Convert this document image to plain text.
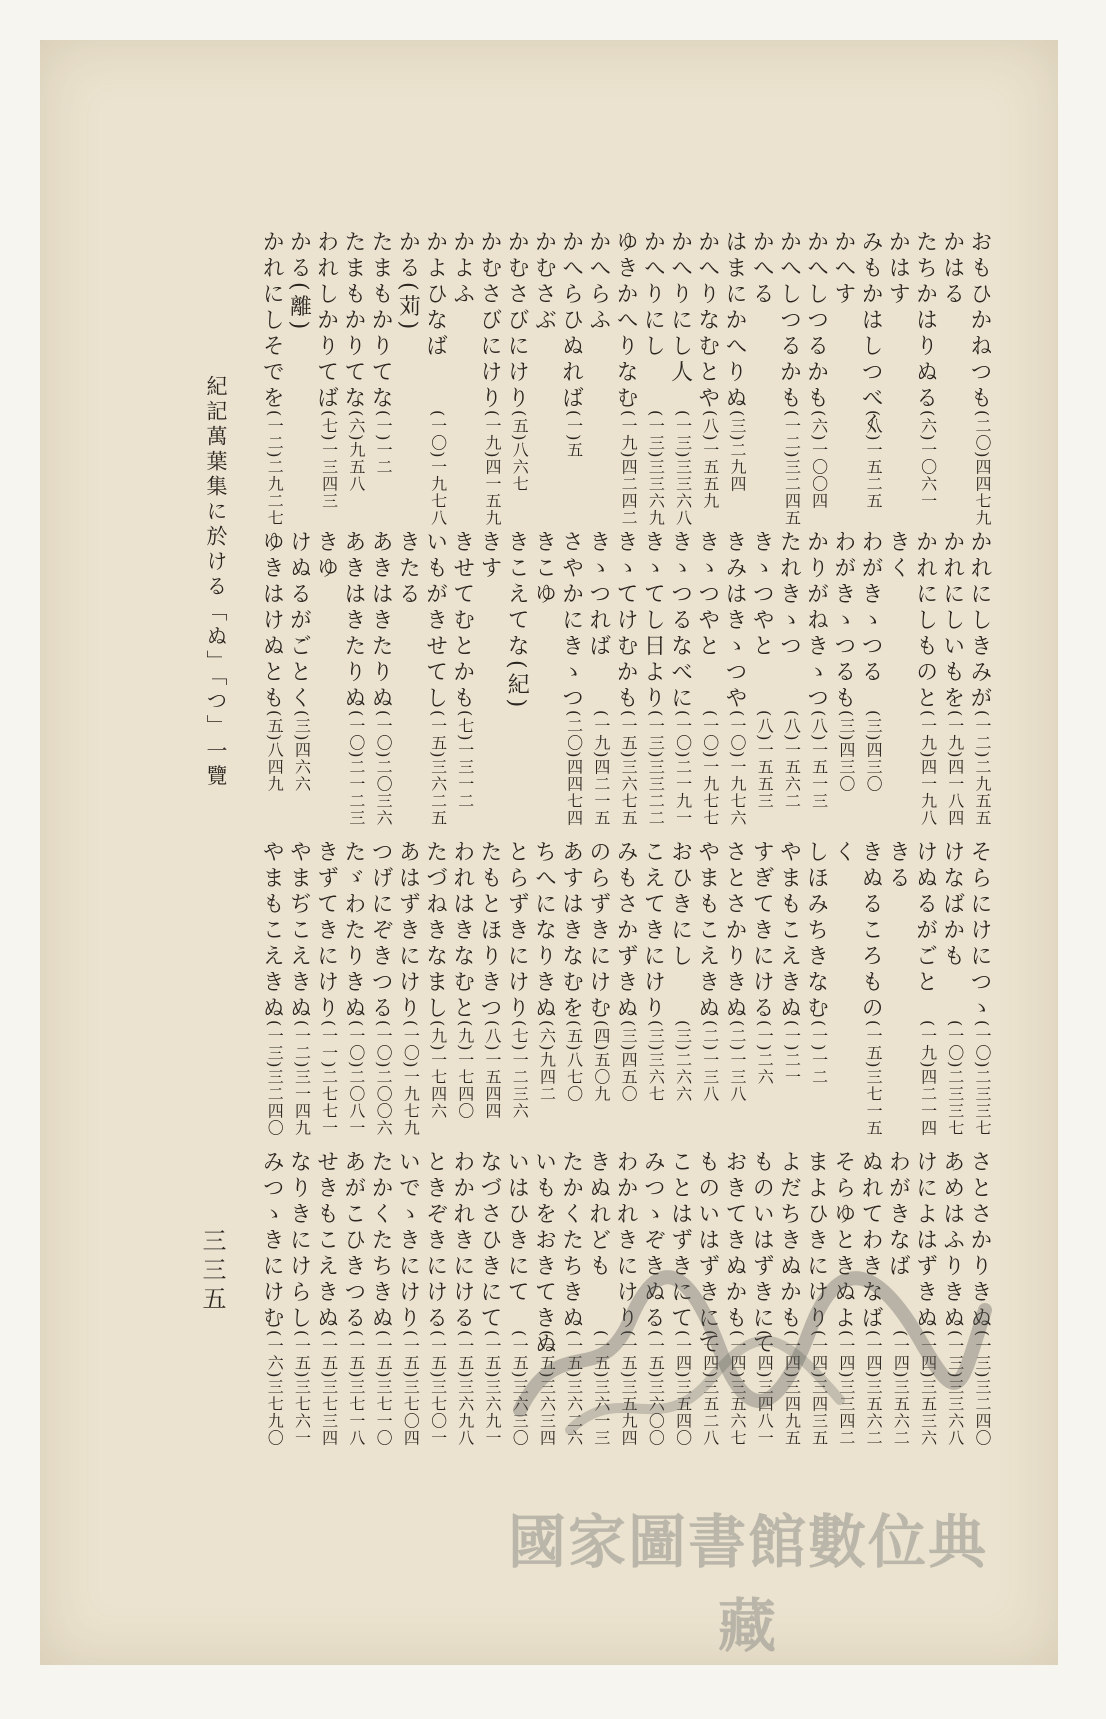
紀記萬葉集に於ける「ぬ」「つ」一覽
三三五
おもひかねつも
(二〇)四四七九
かはる
たちかはりぬる
(六)一〇六一
かはす
みもかはしつべく
(八)一五二五
かへす
かへしつるかも
(六)一〇〇四
かへしつるかも
(一二)三二四五
かへる
はまにかへりぬ
(三)二九四
かへりなむとや
(八)一五五九
かへりにし人
(一三)三三六八
かへりにし
(一三)三三六九
ゆきかへりなむ
(一九)四二四二
かへらふ
かへらひぬれば
(一)五
かむさぶ
かむさびにけり
(五)八六七
かむさびにけり
(一九)四一五九
かよふ
かよひなば
(一〇)一九七八
かる(苅)
たまもかりてな
(一)一二
たまもかりてな
(六)九五八
われしかりてば
(七)一三四三
かる(離)
かれにしそでを
(一二)二九二七
かれにしきみが
(一二)二九五五
かれにしいもを
(一九)四一八四
かれにしものと
(一九)四一九八
きく
わがきゝつる
(三)四三〇
わがきゝつるも
(三)四三〇
かりがねきゝつ
(八)一五一三
たれきゝつ
(八)一五六二
きゝつやと
(八)一五五三
きみはきゝつや
(一〇)一九七六
きゝつやと
(一〇)一九七七
きゝつるなべに
(一〇)二一九一
きゝてし日より
(一三)三三二二
きゝてけむかも
(一五)三六七五
きゝつれば
(一九)四二一五
さやかにきゝつ
(二〇)四四七四
きこゆ
きこえてな(紀)
きす
きせてむとかも
(七)一三一二
いもがきせてし
(一五)三六二五
きたる
あきはきたりぬ
(一〇)二〇三六
あきはきたりぬ
(一〇)二一二三
きゆ
けぬるがごとく
(三)四六六
ゆきはけぬとも
(五)八四九
そらにけにつゝ
(一〇)二三三七
けなばかも
(一〇)二三三七
けぬるがごと
(一九)四二一四
きる
きぬるころもの
(一五)三七一五
く
しほみちきなむ
(一)一二
やまもこえきぬ
(一)二一
すぎてきにける
(一)二六
さとさかりきぬ
(二)一三八
やまもこえきぬ
(二)一三八
おひきにし
(三)二六六
こえてきにけり
(三)三六七
みもさかずきぬ
(三)四五〇
のらずきにけむ
(四)五〇九
あすはきなむを
(五)八七〇
ちへになりきぬ
(六)九四二
とらずきにけり
(七)一二三六
たもとほりきつ
(八)一五四四
われはきなむと
(九)一七四〇
たづねきなまし
(九)一七四六
あはずきにけり
(一〇)一九七九
つげにぞきつる
(一〇)二〇〇六
たゞわたりきぬ
(一〇)二〇八一
きずてきにけり
(一一)二七七一
やまぢこえきぬ
(一二)三一四九
やまもこえきぬ
(一三)三二四〇
さとさかりきぬ
(一三)三二四〇
あめはふりきぬ
(一三)三三六八
けによはずきぬ
(一四)三五三六
わがきなば
(一四)三五六二
ぬれてわきなば
(一四)三五六二
そらゆときぬよ
(一四)三三四二
まよひきにけり
(一四)三四三五
よだちきぬかも
(一四)三四九五
ものいはずきにて
(一四)三四八一
おきてきぬかも
(一四)三五六七
ものいはずきにて
(一四)三五二八
ことはずきにて
(一四)三五四〇
みつゝぞきぬる
(一五)三六〇〇
わかれきにけり
(一五)三五九四
きぬれども
(一五)三六一三
たかくたちきぬ
(一五)三六二六
いもをおきてきぬ
(一五)三六三四
いはひきにて
(一五)三六三〇
なづさひきにて
(一五)三六九一
わかれきにける
(一五)三六九八
ときぞきにける
(一五)三七〇一
いでゝきにけり
(一五)三七〇四
たかくたちきぬ
(一五)三七一〇
あがこひきつる
(一五)三七一八
せきもこえきぬ
(一五)三七三四
なりきにけらし
(一五)三七六一
みつゝきにけむ
(一六)三七九〇
國家圖書館數位典藏
